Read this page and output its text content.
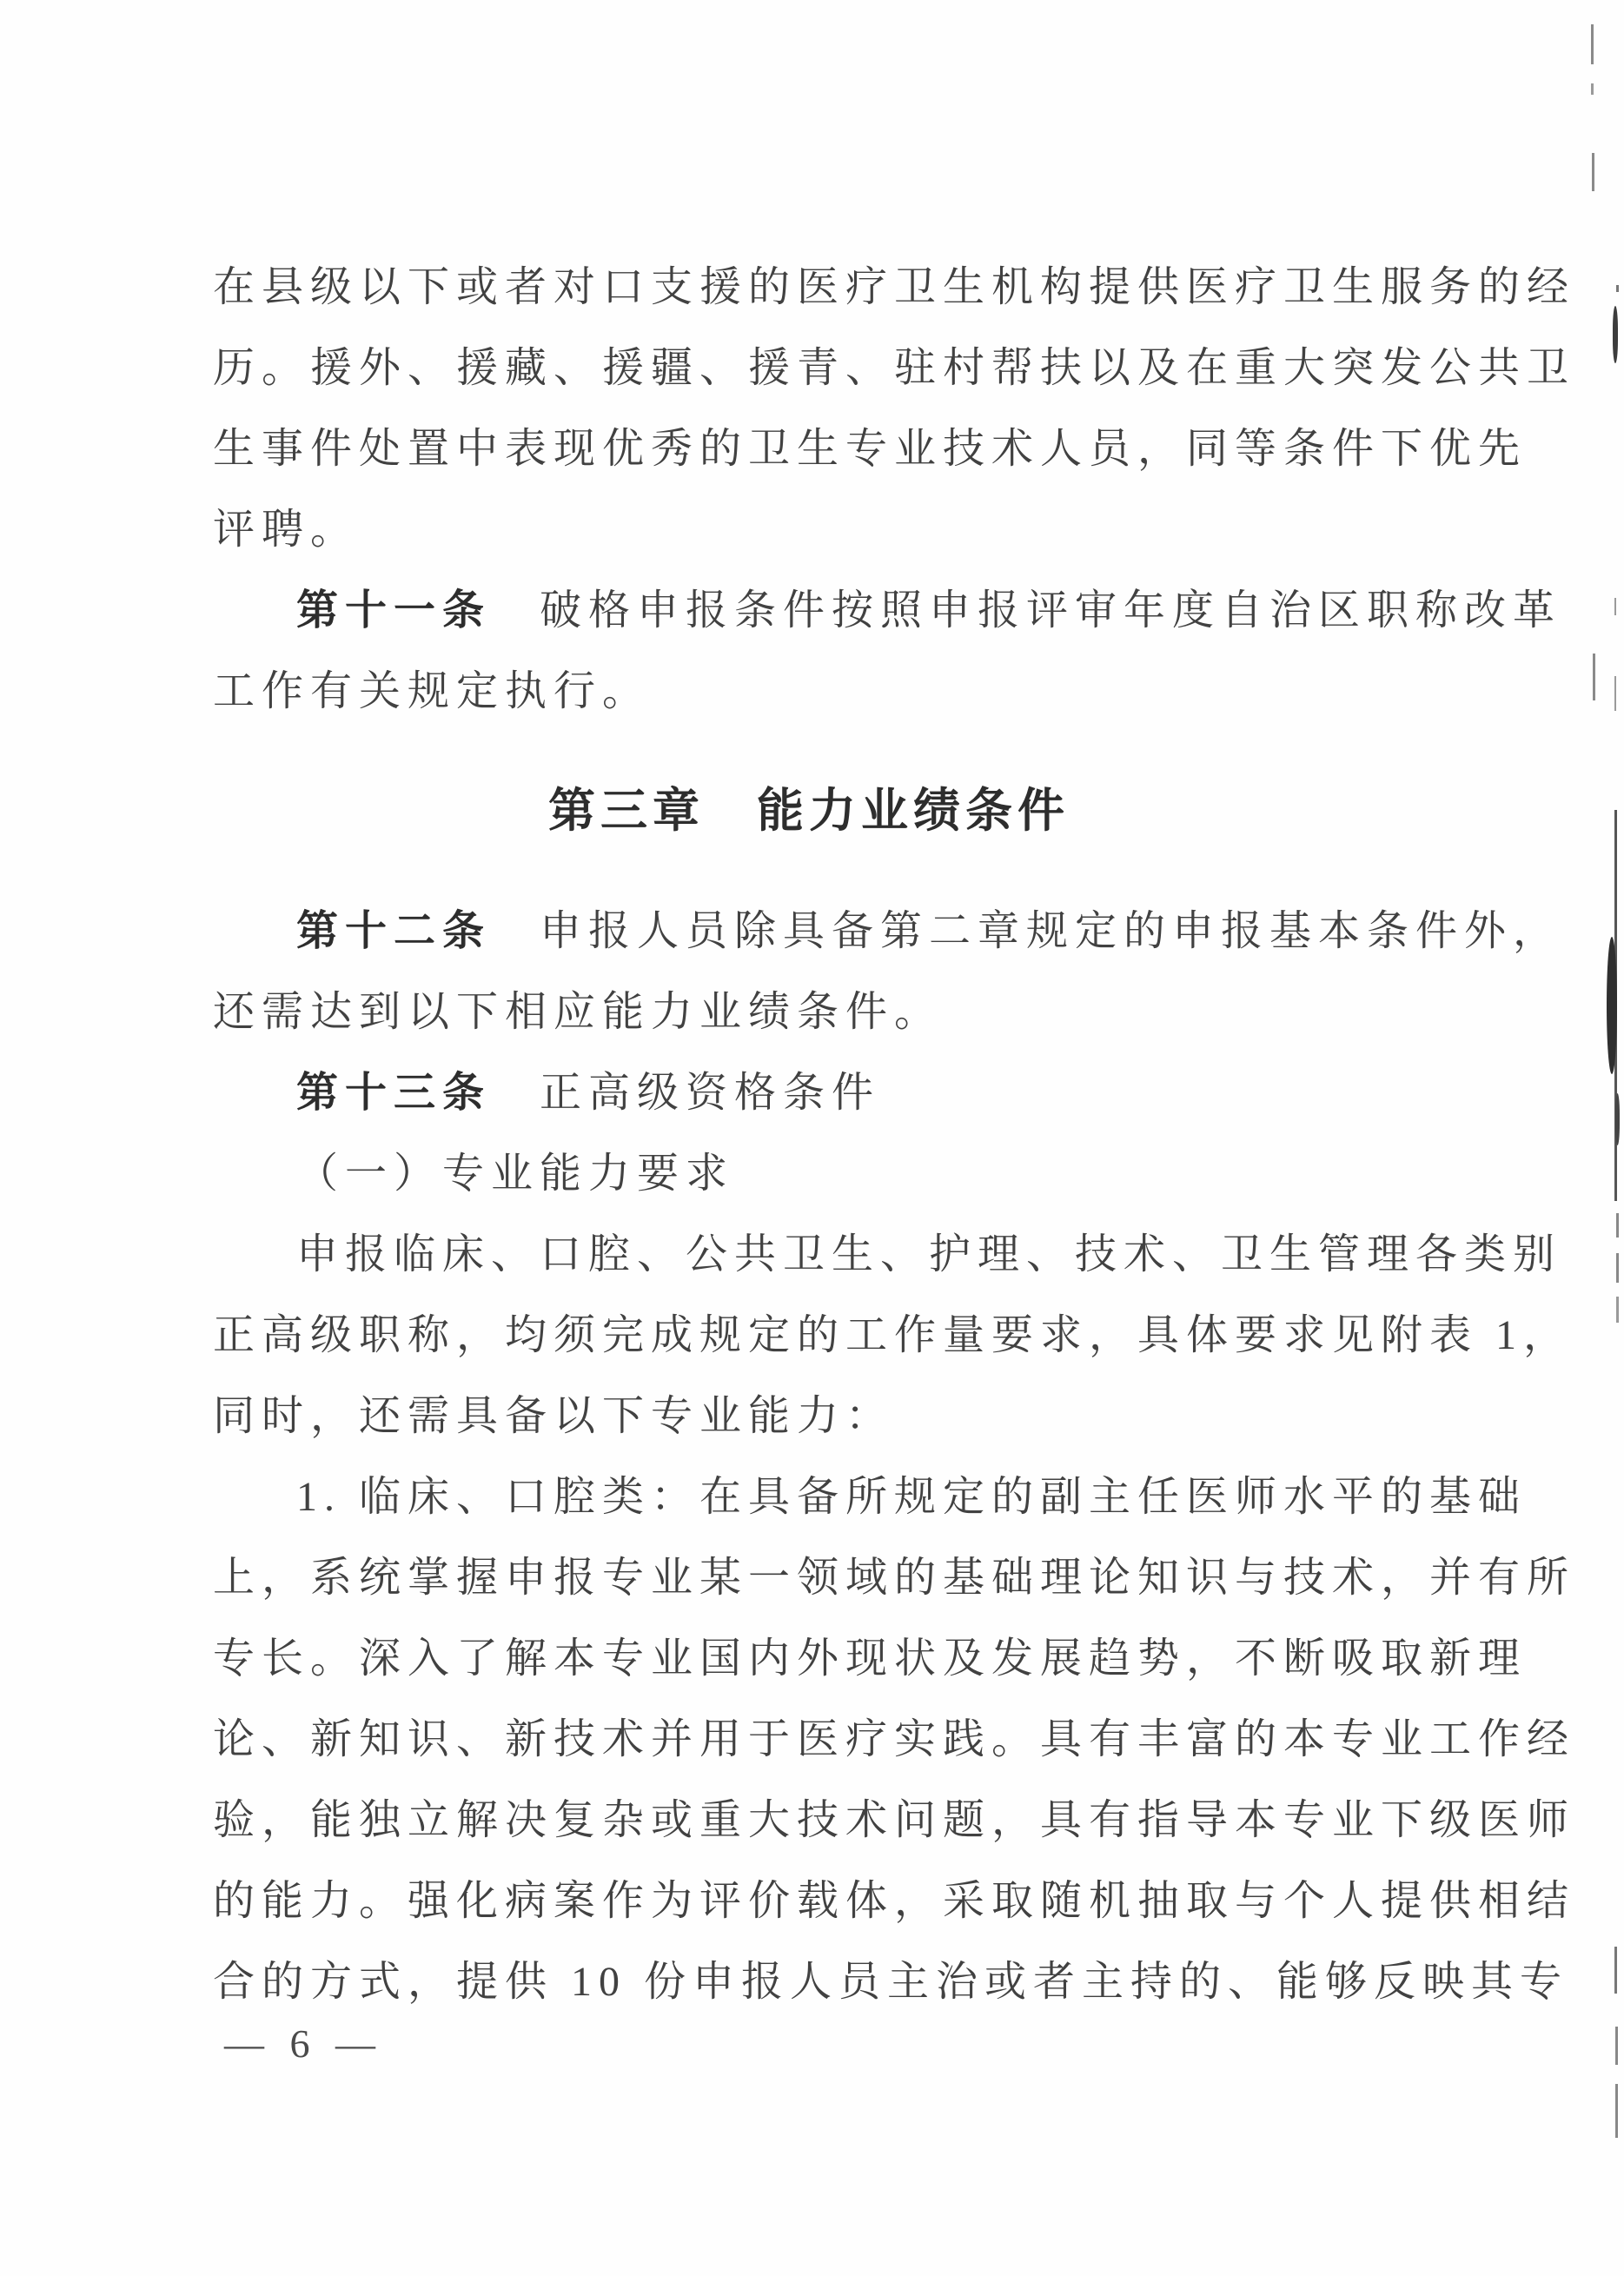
在县级以下或者对口支援的医疗卫生机构提供医疗卫生服务的经
历。援外、援藏、援疆、援青、驻村帮扶以及在重大突发公共卫
生事件处置中表现优秀的卫生专业技术人员，同等条件下优先
评聘。
第十一条　破格申报条件按照申报评审年度自治区职称改革
工作有关规定执行。
第三章　能力业绩条件
第十二条　申报人员除具备第二章规定的申报基本条件外，
还需达到以下相应能力业绩条件。
第十三条　正高级资格条件
（一）专业能力要求
申报临床、口腔、公共卫生、护理、技术、卫生管理各类别
正高级职称，均须完成规定的工作量要求，具体要求见附表 1，
同时，还需具备以下专业能力：
1. 临床、口腔类：在具备所规定的副主任医师水平的基础
上，系统掌握申报专业某一领域的基础理论知识与技术，并有所
专长。深入了解本专业国内外现状及发展趋势，不断吸取新理
论、新知识、新技术并用于医疗实践。具有丰富的本专业工作经
验，能独立解决复杂或重大技术问题，具有指导本专业下级医师
的能力。强化病案作为评价载体，采取随机抽取与个人提供相结
合的方式，提供 10 份申报人员主治或者主持的、能够反映其专
— 6 —
